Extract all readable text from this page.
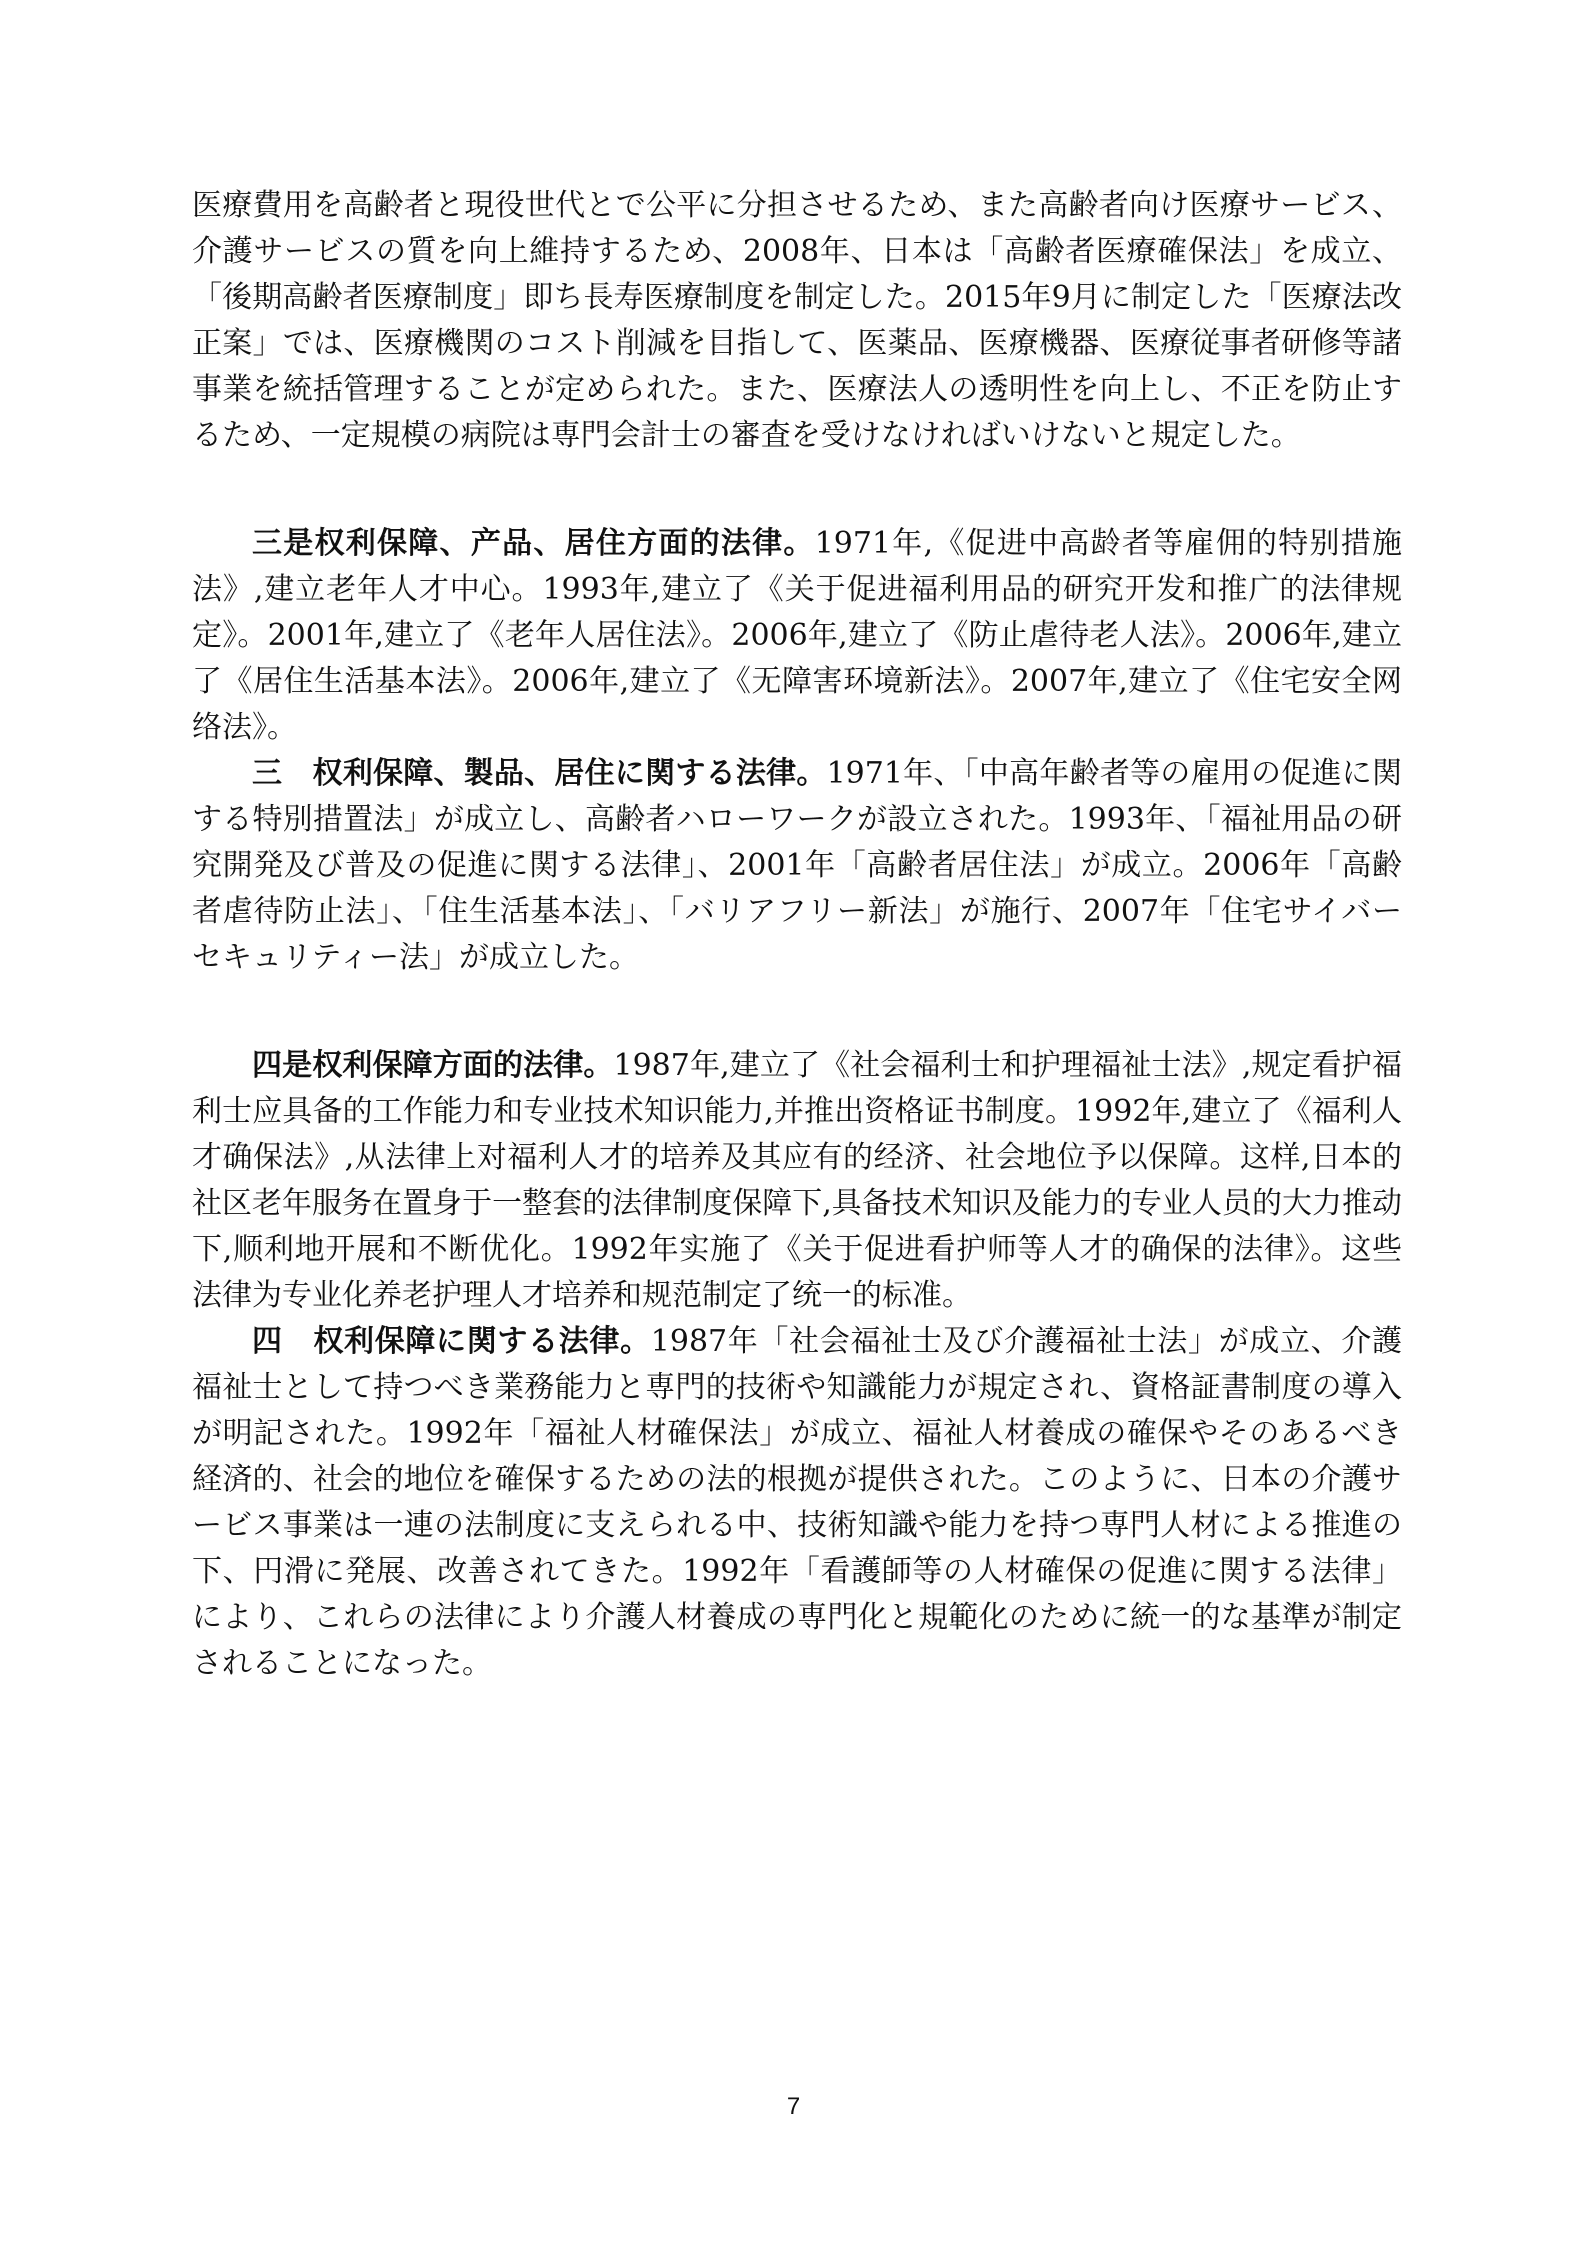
医療費用を高齢者と現役世代とで公平に分担させるため、また高齢者向け医療サービス、介護サービスの質を向上維持するため、2008年、日本は「高齢者医療確保法」を成立、「後期高齢者医療制度」即ち長寿医療制度を制定した。2015年9月に制定した「医療法改正案」では、医療機関のコスト削減を目指して、医薬品、医療機器、医療従事者研修等諸事業を統括管理することが定められた。また、医療法人の透明性を向上し、不正を防止するため、一定規模の病院は専門会計士の審査を受けなければいけないと規定した。

三是权利保障、产品、居住方面的法律。1971年,《促进中高龄者等雇佣的特别措施法》,建立老年人才中心。1993年,建立了《关于促进福利用品的研究开发和推广的法律规定》。2001年,建立了《老年人居住法》。2006年,建立了《防止虐待老人法》。2006年,建立了《居住生活基本法》。2006年,建立了《无障害环境新法》。2007年,建立了《住宅安全网络法》。

三　权利保障、製品、居住に関する法律。1971年、「中高年齢者等の雇用の促進に関する特別措置法」が成立し、高齢者ハローワークが設立された。1993年、「福祉用品の研究開発及び普及の促進に関する法律」、2001年「高齢者居住法」が成立。2006年「高齢者虐待防止法」、「住生活基本法」、「バリアフリー新法」が施行、2007年「住宅サイバーセキュリティー法」が成立した。

四是权利保障方面的法律。1987年,建立了《社会福利士和护理福祉士法》,规定看护福利士应具备的工作能力和专业技术知识能力,并推出资格证书制度。1992年,建立了《福利人才确保法》,从法律上对福利人才的培养及其应有的经济、社会地位予以保障。这样,日本的社区老年服务在置身于一整套的法律制度保障下,具备技术知识及能力的专业人员的大力推动下,顺利地开展和不断优化。1992年实施了《关于促进看护师等人才的确保的法律》。这些法律为专业化养老护理人才培养和规范制定了统一的标准。

四　权利保障に関する法律。1987年「社会福祉士及び介護福祉士法」が成立、介護福祉士として持つべき業務能力と専門的技術や知識能力が規定され、資格証書制度の導入が明記された。1992年「福祉人材確保法」が成立、福祉人材養成の確保やそのあるべき経済的、社会的地位を確保するための法的根拠が提供された。このように、日本の介護サービス事業は一連の法制度に支えられる中、技術知識や能力を持つ専門人材による推進の下、円滑に発展、改善されてきた。1992年「看護師等の人材確保の促進に関する法律」により、これらの法律により介護人材養成の専門化と規範化のために統一的な基準が制定されることになった。

7
